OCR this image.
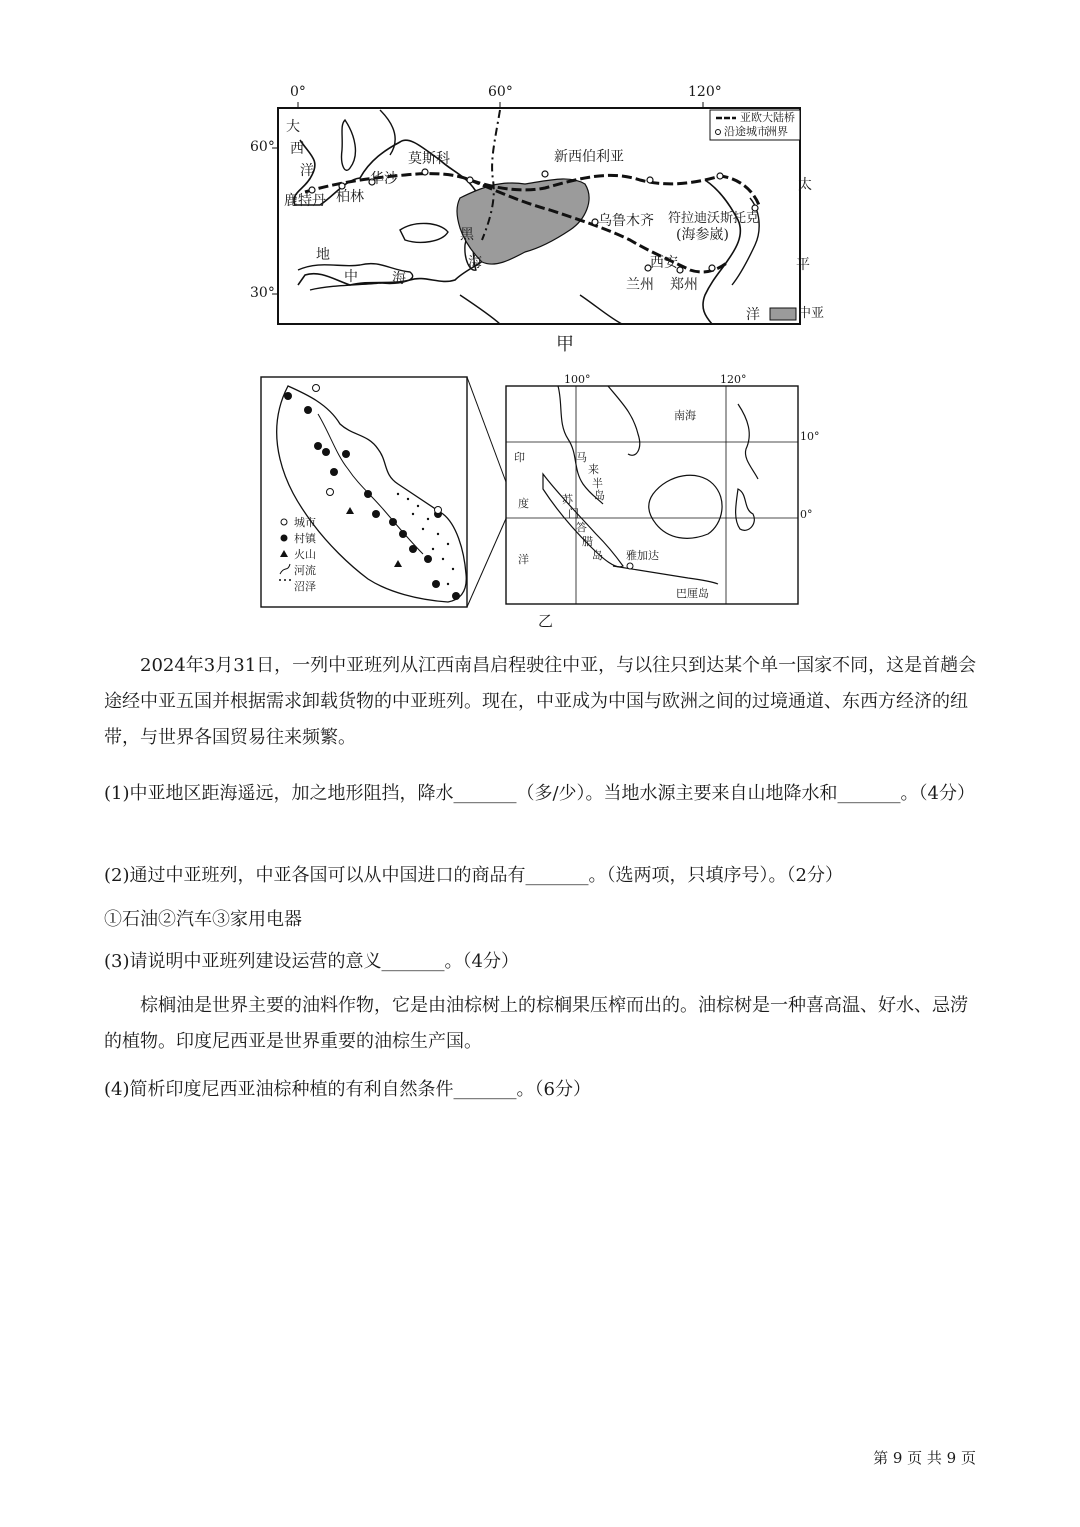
0°	60°	120°
60°
30°
亚欧大陆桥
沿途城市
洲界
中亚
大
西
洋
地
中 海
黑
海
太
平
洋
鹿特丹 柏林
华沙
莫斯科	新西伯利亚
乌鲁木齐 符拉迪沃斯托克
(海参崴)
西安
兰州 郑州
甲
100°	120°
10°
0°
城市
村镇
火山
河流
沼泽
印
度
洋
南海
马
来
半
岛
苏
门
答
腊
岛 雅加达
巴厘岛
乙
2024年3月31日，一列中亚班列从江西南昌启程驶往中亚，与以往只到达某个单一国家不同，这是首趟会途经中亚五国并根据需求卸载货物的中亚班列。现在，中亚成为中国与欧洲之间的过境通道、东西方经济的纽带，与世界各国贸易往来频繁。
(1)中亚地区距海遥远，加之地形阻挡，降水_______（多/少）。当地水源主要来自山地降水和_______。（4分）
(2)通过中亚班列，中亚各国可以从中国进口的商品有_______。（选两项，只填序号）。（2分）
①石油②汽车③家用电器
(3)请说明中亚班列建设运营的意义_______。（4分）
棕榈油是世界主要的油料作物，它是由油棕树上的棕榈果压榨而出的。油棕树是一种喜高温、好水、忌涝的植物。印度尼西亚是世界重要的油棕生产国。
(4)简析印度尼西亚油棕种植的有利自然条件_______。（6分）
第 9 页 共 9 页
